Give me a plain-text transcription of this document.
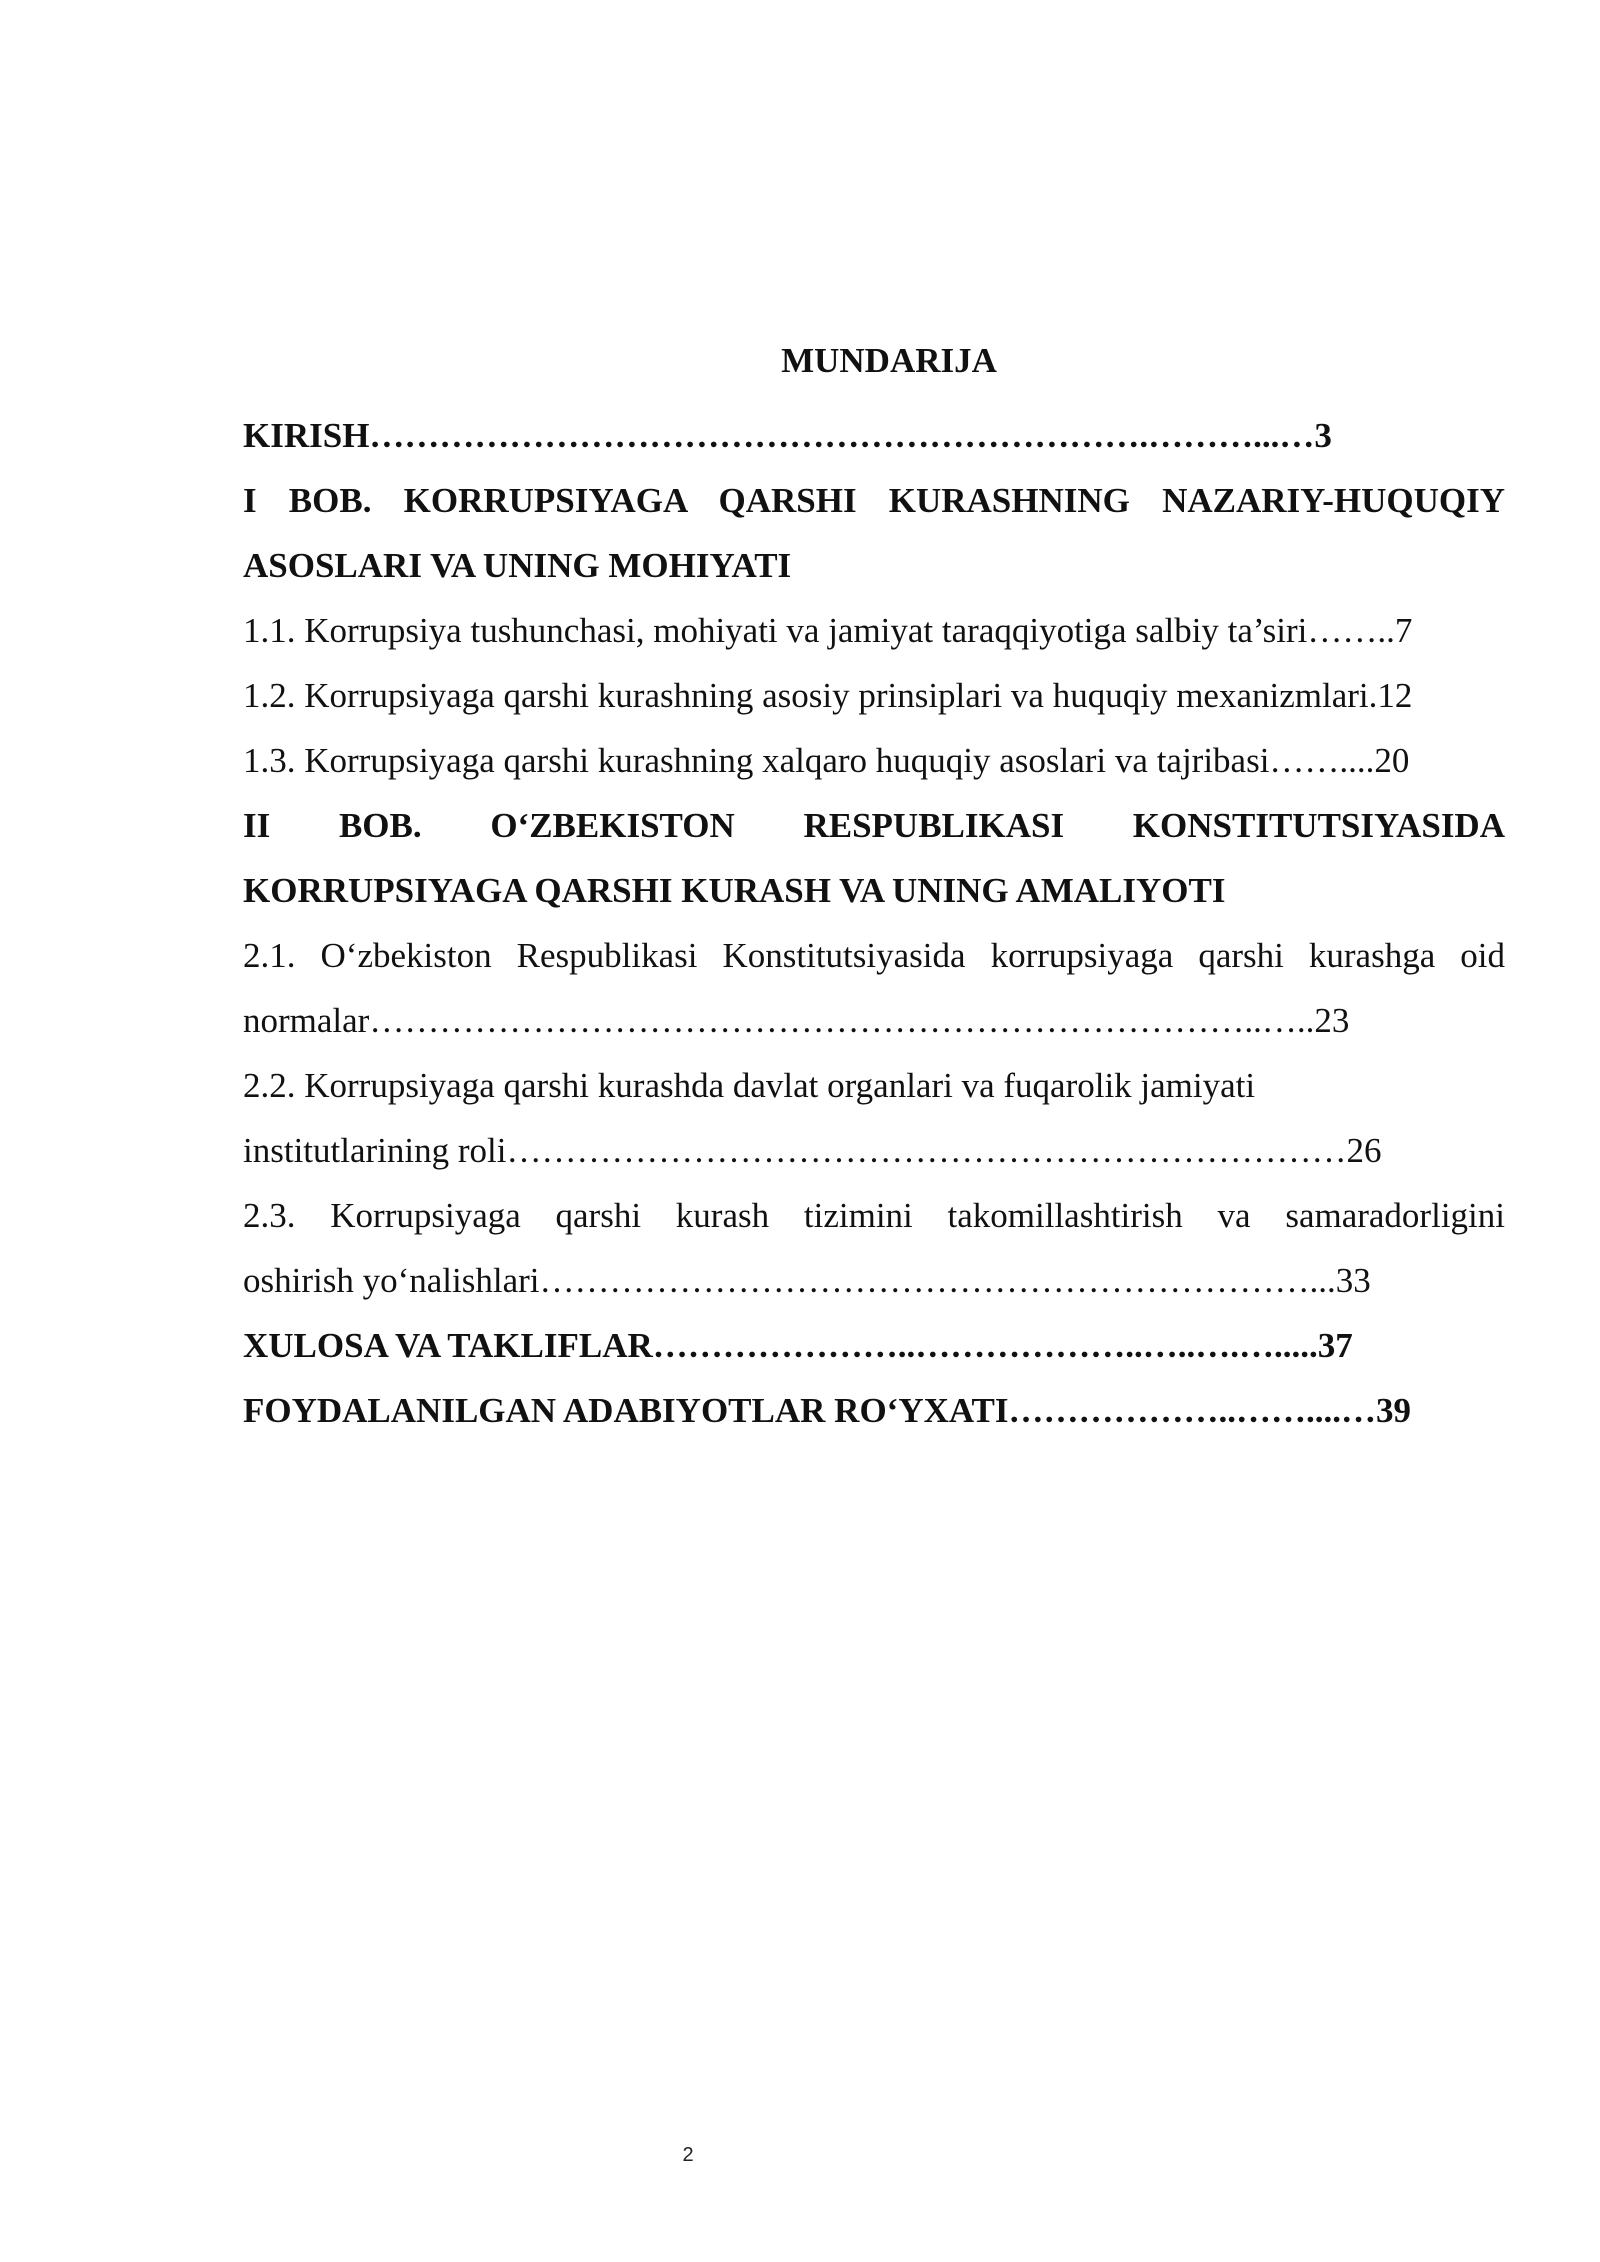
MUNDARIJA
KIRISH………………………………………………………….………...…3
I BOB. KORRUPSIYAGA QARSHI KURASHNING NAZARIY-HUQUQIY
ASOSLARI VA UNING MOHIYATI
1.1. Korrupsiya tushunchasi, mohiyati va jamiyat taraqqiyotiga salbiy ta’siri……..7
1.2. Korrupsiyaga qarshi kurashning asosiy prinsiplari va huquqiy mexanizmlari.12
1.3. Korrupsiyaga qarshi kurashning xalqaro huquqiy asoslari va tajribasi……....20
II BOB. O‘ZBEKISTON RESPUBLIKASI KONSTITUTSIYASIDA
KORRUPSIYAGA QARSHI KURASH VA UNING AMALIYOTI
2.1. O‘zbekiston Respublikasi Konstitutsiyasida korrupsiyaga qarshi kurashga oid
normalar…………………………………………………………………..…..23
2.2. Korrupsiyaga qarshi kurashda davlat organlari va fuqarolik jamiyati
institutlarining roli………………………………………………………………26
2.3. Korrupsiyaga qarshi kurash tizimini takomillashtirish va samaradorligini
oshirish yo‘nalishlari…………………………………………………………...33
XULOSA VA TAKLIFLAR…………………..………………..…..….….....37
FOYDALANILGAN ADABIYOTLAR RO‘YXATI………………..……....…39
2
